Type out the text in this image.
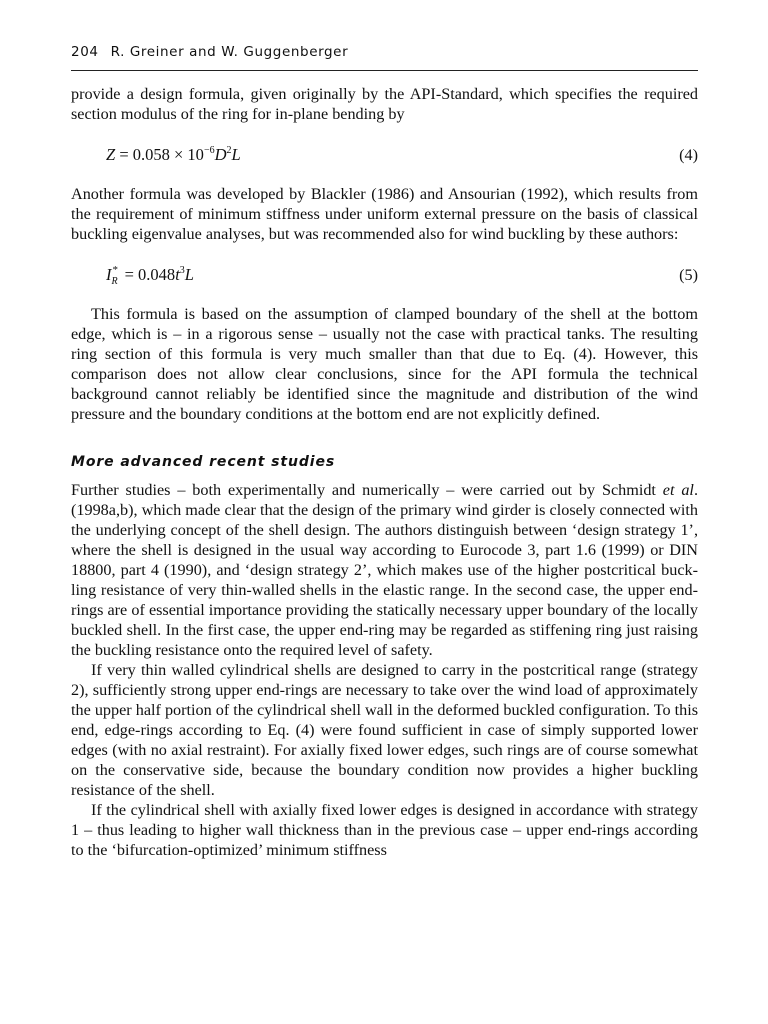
204 R. Greiner and W. Guggenberger

provide a design formula, given originally by the API-Standard, which specifies the required section modulus of the ring for in-plane bending by

$Z = 0.058 \times 10^{-6}D^2L$	(4)

Another formula was developed by Blackler (1986) and Ansourian (1992), which results from the requirement of minimum stiffness under uniform external pressure on the basis of classical buckling eigenvalue analyses, but was recommended also for wind buckling by these authors:

I *
$R = 0.048t^3L$	(5)

This formula is based on the assumption of clamped boundary of the shell at the bottom edge, which is – in a rigorous sense – usually not the case with practical tanks. The resulting ring section of this formula is very much smaller than that due to Eq. (4). However, this comparison does not allow clear conclusions, since for the API formula the technical background cannot reliably be identified since the magnitude and distribution of the wind pressure and the boundary conditions at the bottom end are not explicitly defined.

More advanced recent studies

Further studies – both experimentally and numerically – were carried out by Schmidt et al. (1998a,b), which made clear that the design of the primary wind girder is closely connected with the underlying concept of the shell design. The authors distinguish between ‘design strategy 1’, where the shell is designed in the usual way according to Eurocode 3, part 1.6 (1999) or DIN 18800, part 4 (1990), and ‘design strategy 2’, which makes use of the higher postcritical buckling resistance of very thin-walled shells in the elastic range. In the second case, the upper end-rings are of essential importance providing the statically necessary upper boundary of the locally buckled shell. In the first case, the upper end-ring may be regarded as stiffening ring just raising the buckling resistance onto the required level of safety.

If very thin walled cylindrical shells are designed to carry in the postcritical range (strategy 2), sufficiently strong upper end-rings are necessary to take over the wind load of approximately the upper half portion of the cylindrical shell wall in the deformed buckled configuration. To this end, edge-rings according to Eq. (4) were found sufficient in case of simply supported lower edges (with no axial restraint). For axially fixed lower edges, such rings are of course somewhat on the conservative side, because the boundary condition now provides a higher buckling resistance of the shell.

If the cylindrical shell with axially fixed lower edges is designed in accordance with strategy 1 – thus leading to higher wall thickness than in the previous case – upper end-rings according to the ‘bifurcation-optimized’ minimum stiffness
